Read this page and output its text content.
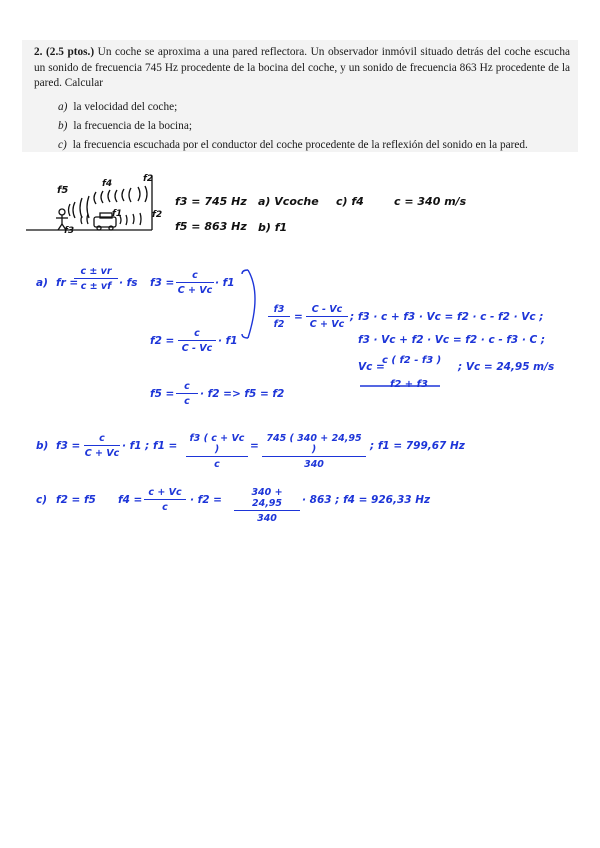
2. (2.5 ptos.) Un coche se aproxima a una pared reflectora. Un observador inmóvil situado detrás del coche escucha un sonido de frecuencia 745 Hz procedente de la bocina del coche, y un sonido de frecuencia 863 Hz procedente de la pared. Calcular
a) la velocidad del coche;
b) la frecuencia de la bocina;
c) la frecuencia escuchada por el conductor del coche procedente de la reflexión del sonido en la pared.
f5
f4	f2
f1
f3
f2
f3 = 745 Hz
f5 = 863 Hz
a) Vcoche c) f4
b) f1
c = 340 m/s
a) fr =
$\frac{c \pm vr}{c \pm vf}$ · fs $f3 = \frac{c}{C + Vc} \cdot f1$
$f2 = \frac{c}{C - Vc} \cdot f1$
$f5 = \frac{c}{c} \cdot f2 => f5 = f2$
$\frac{f3}{f2} = \frac{C - Vc}{C + Vc}$ ; f3 · c + f3 · Vc = f2 · c - f2 · Vc ;
f3 · Vc + f2 · Vc = f2 · c - f3 · C ;
Vc =
c ( f2 - f3 )
f2 + f3
; Vc = 24,95 m/s
b) $f3 = \frac{c}{C + Vc} \cdot f1$ ; $f1 = \frac{f3 ( c + Vc )}{c} = \frac{745 ( 340 + 24,95 )}{340}$ ; f1 = 799,67 Hz
c) f2 = f5 $f4 = \frac{c + Vc}{c} \cdot f2 = \frac{340 + 24,95}{340} \cdot 863$ ; f4 = 926,33 Hz
